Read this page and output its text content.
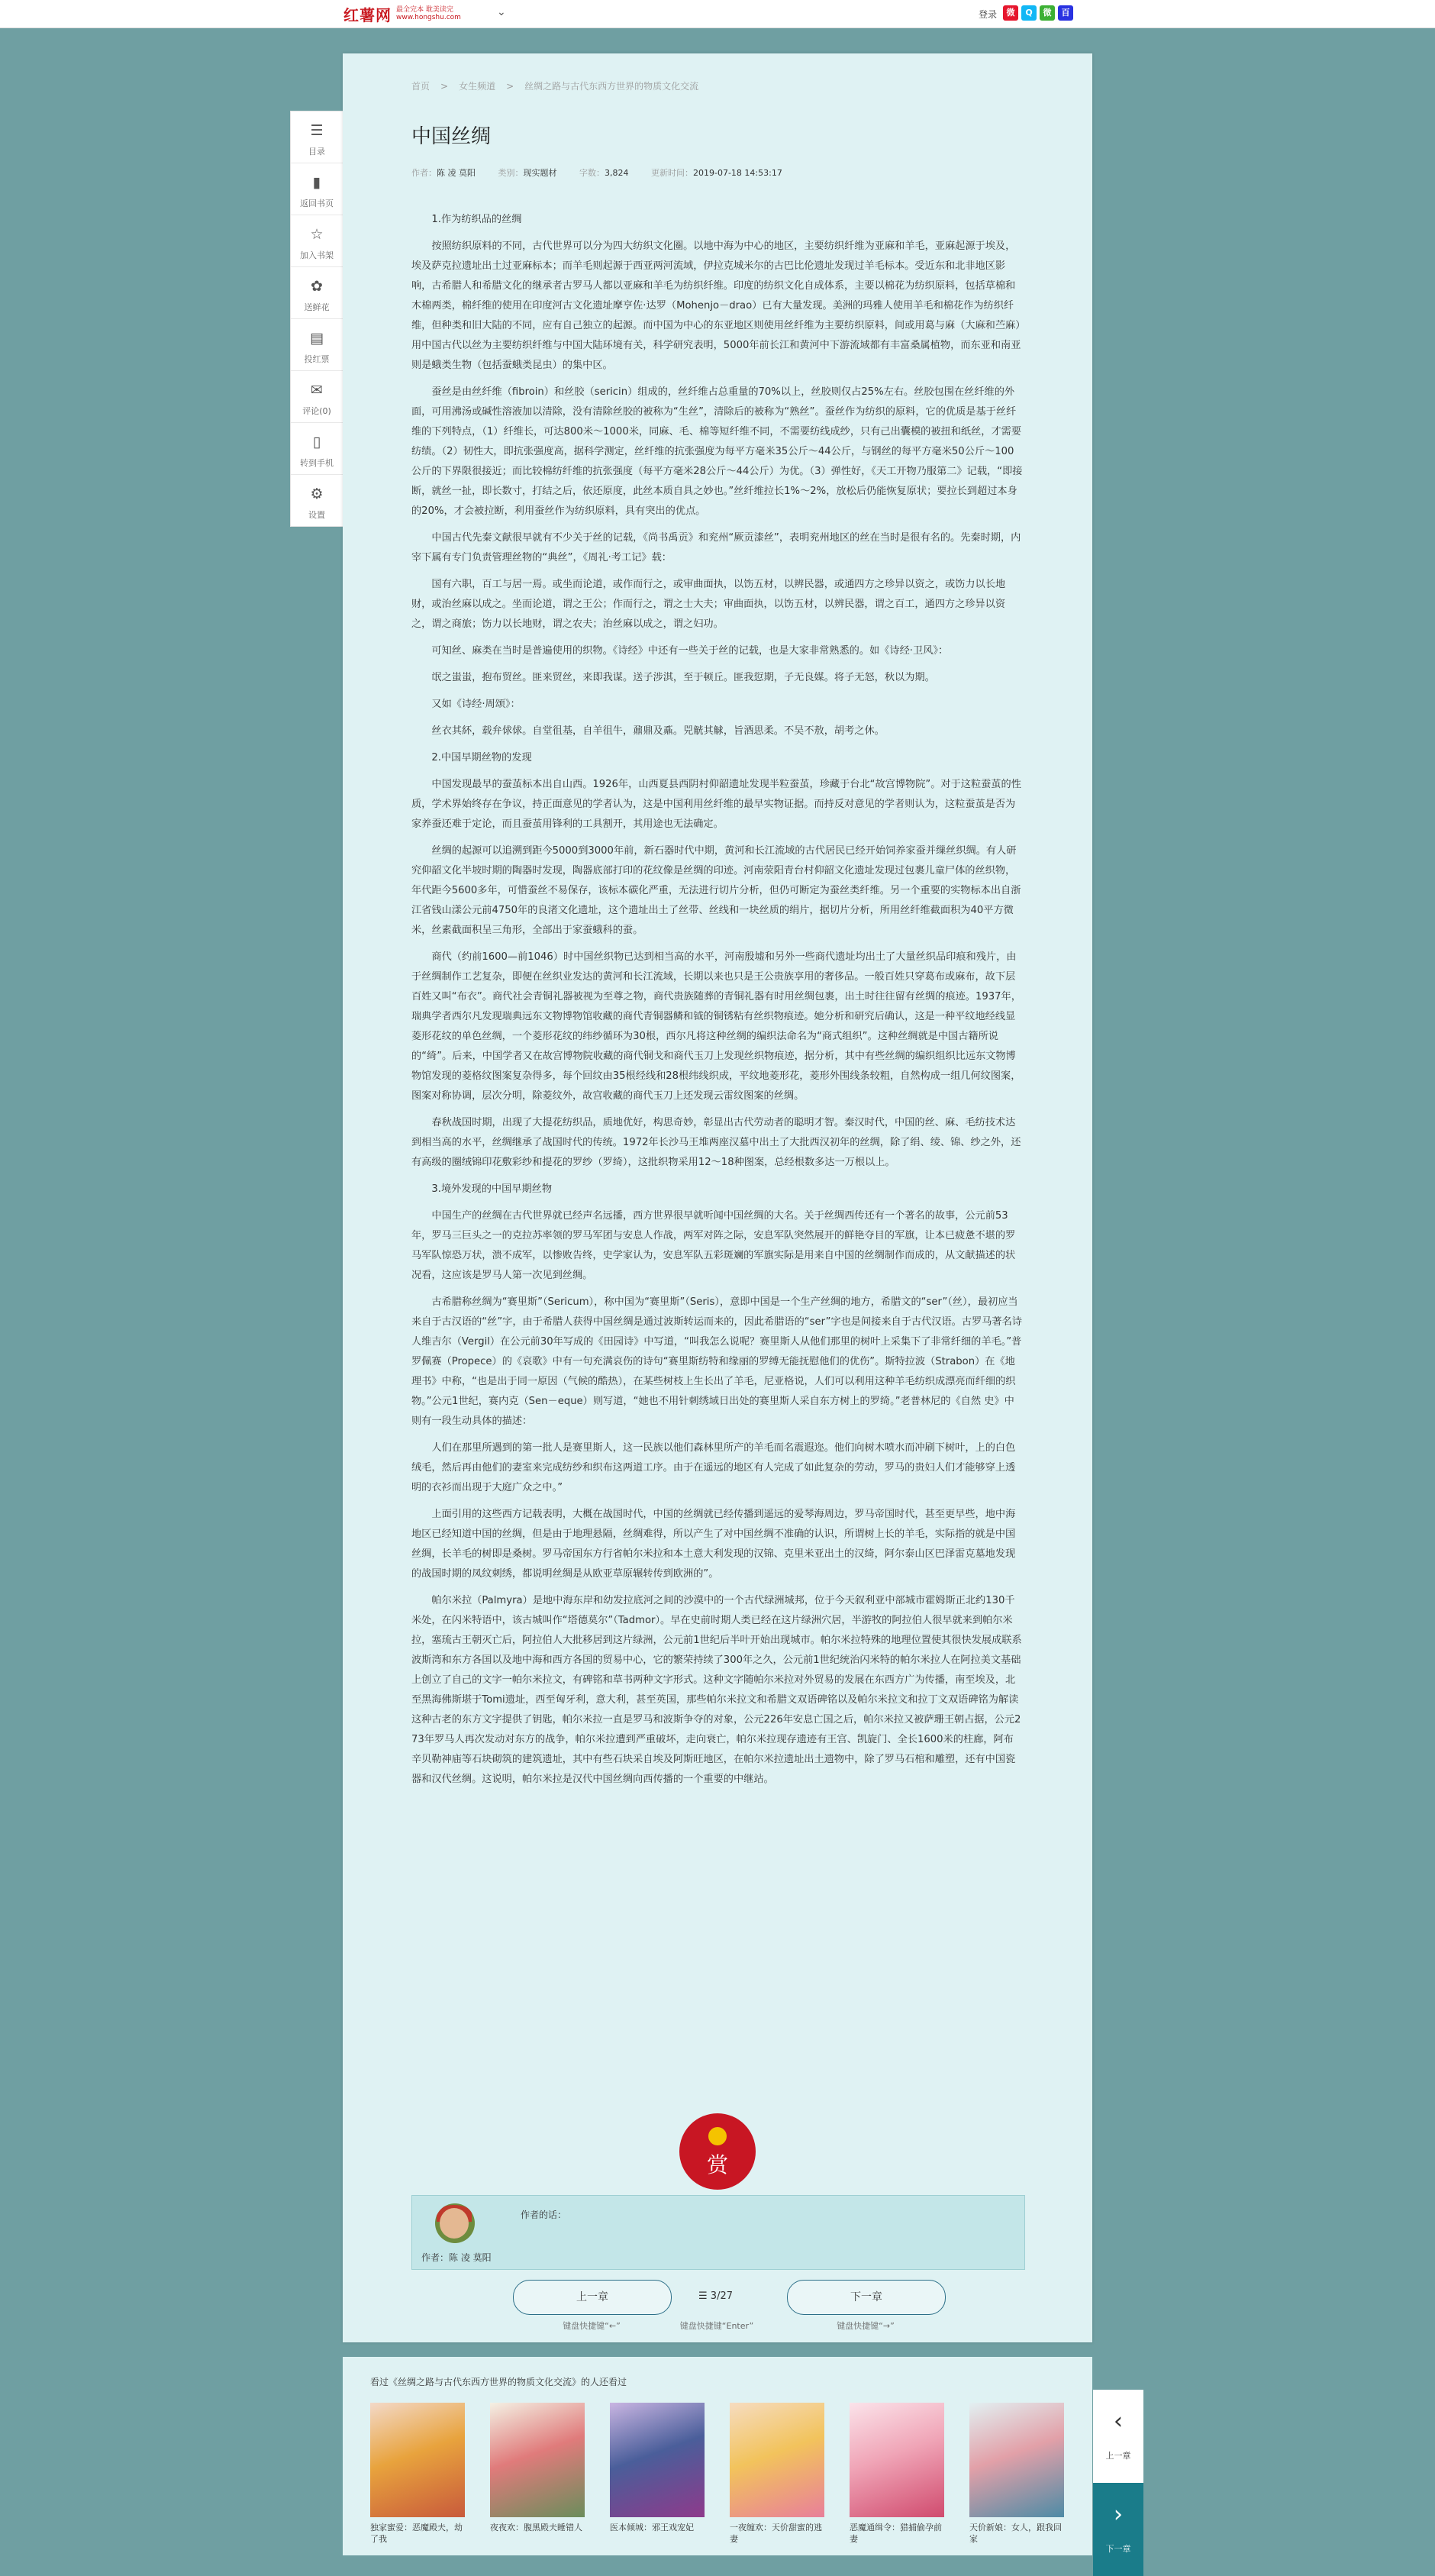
红薯网 最全完本 耽美读完
www.hongshu.com	⌄	登录	微	Q	微	百
☰
目录
▮
返回书页
☆
加入书架
✿
送鲜花
▤
投红票
✉
评论(0)
▯
转到手机
⚙
设置
首页 > 女生频道 > 丝绸之路与古代东西方世界的物质文化交流
中国丝绸
作者：陈 凌 莫阳	类别：现实题材	字数：3,824	更新时间：2019-07-18 14:53:17

1.作为纺织品的丝绸

按照纺织原料的不同，古代世界可以分为四大纺织文化圈。以地中海为中心的地区，主要纺织纤维为亚麻和羊毛，亚麻起源于埃及，埃及萨克拉遗址出土过亚麻标本；而羊毛则起源于西亚两河流域，伊拉克城米尔的古巴比伦遗址发现过羊毛标本。受近东和北非地区影响，古希腊人和希腊文化的继承者古罗马人都以亚麻和羊毛为纺织纤维。印度的纺织文化自成体系，主要以棉花为纺织原料，包括草棉和木棉两类，棉纤维的使用在印度河古文化遗址摩亨佐·达罗（Mohenjo－drao）已有大量发现。美洲的玛雅人使用羊毛和棉花作为纺织纤维，但种类和旧大陆的不同，应有自己独立的起源。而中国为中心的东亚地区则使用丝纤维为主要纺织原料，间或用葛与麻（大麻和苎麻）用中国古代以丝为主要纺织纤维与中国大陆环境有关，科学研究表明，5000年前长江和黄河中下游流域都有丰富桑属植物，而东亚和南亚则是蛾类生物（包括蚕蛾类昆虫）的集中区。

蚕丝是由丝纤维（fibroin）和丝胶（sericin）组成的，丝纤维占总重量的70%以上，丝胶则仅占25%左右。丝胶包围在丝纤维的外面，可用沸汤或碱性溶液加以清除，没有清除丝胶的被称为“生丝”，清除后的被称为“熟丝”。蚕丝作为纺织的原料，它的优质是基于丝纤维的下列特点，（1）纤维长，可达800米～1000米，同麻、毛、棉等短纤维不同，不需要纺线成纱，只有己出囊模的被扭和纸丝，才需要纺绩。（2）韧性大，即抗张强度高，据科学测定，丝纤维的抗张强度为每平方毫米35公斤～44公斤，与钢丝的每平方毫米50公斤～100公斤的下界限很接近；而比较棉纺纤维的抗张强度（每平方毫米28公斤～44公斤）为优。（3）弹性好，《天工开物乃服第二》记载，“即接断，就丝一扯，即长数寸，打结之后，依还原度，此丝本质自具之妙也。”丝纤维拉长1%～2%，放松后仍能恢复原状；要拉长到超过本身的20%，才会被拉断，利用蚕丝作为纺织原料，具有突出的优点。

中国古代先秦文献很早就有不少关于丝的记载，《尚书禹贡》和兖州“厥贡漆丝”，表明兖州地区的丝在当时是很有名的。先秦时期，内宰下属有专门负责管理丝物的“典丝”，《周礼·考工记》载：

国有六职，百工与居一焉。或坐而论道，或作而行之，或审曲面执，以饬五材，以辨民器，或通四方之珍异以资之，或饬力以长地财，或治丝麻以成之。坐而论道，谓之王公；作而行之，谓之士大夫；审曲面执，以饬五材，以辨民器，谓之百工，通四方之珍异以资之，谓之商旅；饬力以长地财，谓之农夫；治丝麻以成之，谓之妇功。

可知丝、麻类在当时是普遍使用的织物。《诗经》中还有一些关于丝的记载，也是大家非常熟悉的。如《诗经·卫风》：

氓之蚩蚩，抱布贸丝。匪来贸丝，来即我谋。送子涉淇，至于顿丘。匪我愆期，子无良媒。将子无怒，秋以为期。

又如《诗经·周颂》：

丝衣其紑，载弁俅俅。自堂徂基，自羊徂牛，鼐鼎及鼒。兕觥其觩，旨酒思柔。不吴不敖，胡考之休。

2.中国早期丝物的发现

中国发现最早的蚕茧标本出自山西。1926年，山西夏县西阴村仰韶遗址发现半粒蚕茧，珍藏于台北“故宫博物院”。对于这粒蚕茧的性质，学术界始终存在争议，持正面意见的学者认为，这是中国利用丝纤维的最早实物证据。而持反对意见的学者则认为，这粒蚕茧是否为家养蚕还难于定论，而且蚕茧用锋利的工具割开，其用途也无法确定。

丝绸的起源可以追溯到距今5000到3000年前，新石器时代中期，黄河和长江流域的古代居民已经开始饲养家蚕并缫丝织绸。有人研究仰韶文化半坡时期的陶器时发现，陶器底部打印的花纹像是丝绸的印迹。河南荥阳青台村仰韶文化遗址发现过包裹儿童尸体的丝织物，年代距今5600多年，可惜蚕丝不易保存，该标本碳化严重，无法进行切片分析，但仍可断定为蚕丝类纤维。另一个重要的实物标本出自浙江省钱山漾公元前4750年的良渚文化遗址，这个遗址出土了丝带、丝线和一块丝质的绢片，据切片分析，所用丝纤维截面积为40平方微米，丝素截面积呈三角形，全部出于家蚕蛾科的蚕。

商代（约前1600—前1046）时中国丝织物已达到相当高的水平，河南殷墟和另外一些商代遗址均出土了大量丝织品印痕和残片，由于丝绸制作工艺复杂，即便在丝织业发达的黄河和长江流域，长期以来也只是王公贵族享用的奢侈品。一般百姓只穿葛布或麻布，故下层百姓又叫“布衣”。商代社会青铜礼器被视为至尊之物，商代贵族随葬的青铜礼器有时用丝绸包裹，出土时往往留有丝绸的痕迹。1937年，瑞典学者西尔凡发现瑞典远东文物博物馆收藏的商代青铜器鳞和钺的铜锈粘有丝织物痕迹。她分析和研究后确认，这是一种平纹地经线显菱形花纹的单色丝绸，一个菱形花纹的纬纱循环为30根，西尔凡将这种丝绸的编织法命名为“商式组织”。这种丝绸就是中国古籍所说的“绮”。后来，中国学者又在故宫博物院收藏的商代铜戈和商代玉刀上发现丝织物痕迹，据分析，其中有些丝绸的编织组织比远东文物博物馆发现的菱格纹图案复杂得多，每个回纹由35根经线和28根纬线织成，平纹地菱形花，菱形外围线条较粗，自然构成一组几何纹图案，图案对称协调，层次分明，除菱纹外，故宫收藏的商代玉刀上还发现云雷纹图案的丝绸。

春秋战国时期，出现了大提花纺织品，质地优好，构思奇妙，彰显出古代劳动者的聪明才智。秦汉时代，中国的丝、麻、毛纺技术达到相当高的水平，丝绸继承了战国时代的传统。1972年长沙马王堆两座汉墓中出土了大批西汉初年的丝绸，除了绢、绫、锦、纱之外，还有高级的圈绒锦印花敷彩纱和提花的罗纱（罗绮），这批织物采用12～18种图案，总经根数多达一万根以上。

3.境外发现的中国早期丝物

中国生产的丝绸在古代世界就已经声名远播，西方世界很早就听闻中国丝绸的大名。关于丝绸西传还有一个著名的故事，公元前53年，罗马三巨头之一的克拉苏率领的罗马军团与安息人作战，两军对阵之际，安息军队突然展开的鲜艳夺目的军旗，让本已疲惫不堪的罗马军队惊恐万状，溃不成军，以惨败告终，史学家认为，安息军队五彩斑斓的军旗实际是用来自中国的丝绸制作而成的，从文献描述的状况看，这应该是罗马人第一次见到丝绸。

古希腊称丝绸为“赛里斯”（Sericum），称中国为“赛里斯”（Seris），意即中国是一个生产丝绸的地方，希腊文的“ser”（丝），最初应当来自于古汉语的“丝”字，由于希腊人获得中国丝绸是通过波斯转运而来的，因此希腊语的“ser”字也是间接来自于古代汉语。古罗马著名诗人维吉尔（Vergil）在公元前30年写成的《田园诗》中写道，“叫我怎么说呢？赛里斯人从他们那里的树叶上采集下了非常纤细的羊毛。”普罗佩赛（Propece）的《哀歌》中有一句充满哀伤的诗句“赛里斯纺特和缘丽的罗缚无能抚慰他们的优伤”。斯特拉波（Strabon）在《地理书》中称，“也是出于同一原因（气候的酷热），在某些树枝上生长出了羊毛，尼亚格说，人们可以利用这种羊毛纺织成漂亮而纤细的织物。”公元1世纪，赛内克（Sen－eque）则写道，“她也不用针刺绣域日出处的赛里斯人采自东方树上的罗绮。”老普林尼的《自然 史》中则有一段生动具体的描述：

人们在那里所遇到的第一批人是赛里斯人，这一民族以他们森林里所产的羊毛而名震遐迩。他们向树木喷水而冲刷下树叶，上的白色绒毛，然后再由他们的妻室来完成纺纱和织布这两道工序。由于在遥远的地区有人完成了如此复杂的劳动，罗马的贵妇人们才能够穿上透明的衣衫而出现于大庭广众之中。”

上面引用的这些西方记载表明，大概在战国时代，中国的丝绸就已经传播到遥远的爱琴海周边，罗马帝国时代，甚至更早些，地中海地区已经知道中国的丝绸，但是由于地理悬隔，丝绸难得，所以产生了对中国丝绸不准确的认识，所谓树上长的羊毛，实际指的就是中国丝绸，长羊毛的树即是桑树。罗马帝国东方行省帕尔米拉和本土意大利发现的汉锦、克里米亚出土的汉绮，阿尔泰山区巴泽雷克墓地发现的战国时期的凤纹刺绣，都说明丝绸是从欧亚草原辗转传到欧洲的”。

帕尔米拉（Palmyra）是地中海东岸和幼发拉底河之间的沙漠中的一个古代绿洲城邦，位于今天叙利亚中部城市霍姆斯正北约130千米处，在闪米特语中，该古城叫作“塔德莫尔”（Tadmor）。早在史前时期人类已经在这片绿洲穴居，半游牧的阿拉伯人很早就来到帕尔米拉，塞琉古王朝灭亡后，阿拉伯人大批移居到这片绿洲，公元前1世纪后半叶开始出现城市。帕尔米拉特殊的地理位置使其很快发展成联系波斯湾和东方各国以及地中海和西方各国的贸易中心，它的繁荣持续了300年之久，公元前1世纪统治闪米特的帕尔米拉人在阿拉美文基础上创立了自己的文字一帕尔米拉文，有碑铭和草书两种文字形式。这种文字随帕尔米拉对外贸易的发展在东西方广为传播，南至埃及，北至黑海佛斯堪于Tomi遗址，西至匈牙利，意大利，甚至英国，那些帕尔米拉文和希腊文双语碑铭以及帕尔米拉文和拉丁文双语碑铭为解读这种古老的东方文字提供了钥匙，帕尔米拉一直是罗马和波斯争夺的对象，公元226年安息亡国之后，帕尔米拉又被萨珊王朝占据，公元273年罗马人再次发动对东方的战争，帕尔米拉遭到严重破坏，走向衰亡，帕尔米拉现存遗迹有王宫、凯旋门、全长1600米的柱廊，阿布辛贝勒神庙等石块砌筑的建筑遗址，其中有些石块采自埃及阿斯旺地区，在帕尔米拉遗址出土遗物中，除了罗马石棺和雕塑，还有中国瓷器和汉代丝绸。这说明，帕尔米拉是汉代中国丝绸向西传播的一个重要的中继站。

赏
作者的话：
作者：陈 凌 莫阳
上一章	☰ 3/27	下一章
键盘快捷键“←”	键盘快捷键“Enter”	键盘快捷键“→”
看过《丝绸之路与古代东西方世界的物质文化交流》的人还看过
独家蜜爱：恶魔殿夫，劫了我
夜夜欢：腹黑殿夫睡错人	医本倾城：邪王戏宠妃	一夜缠欢：天价甜蜜的逃妻
恶魔通缉令：猎捕偷孕前妻
天价新娘：女人，跟我回家
‹
上一章
›
下一章
